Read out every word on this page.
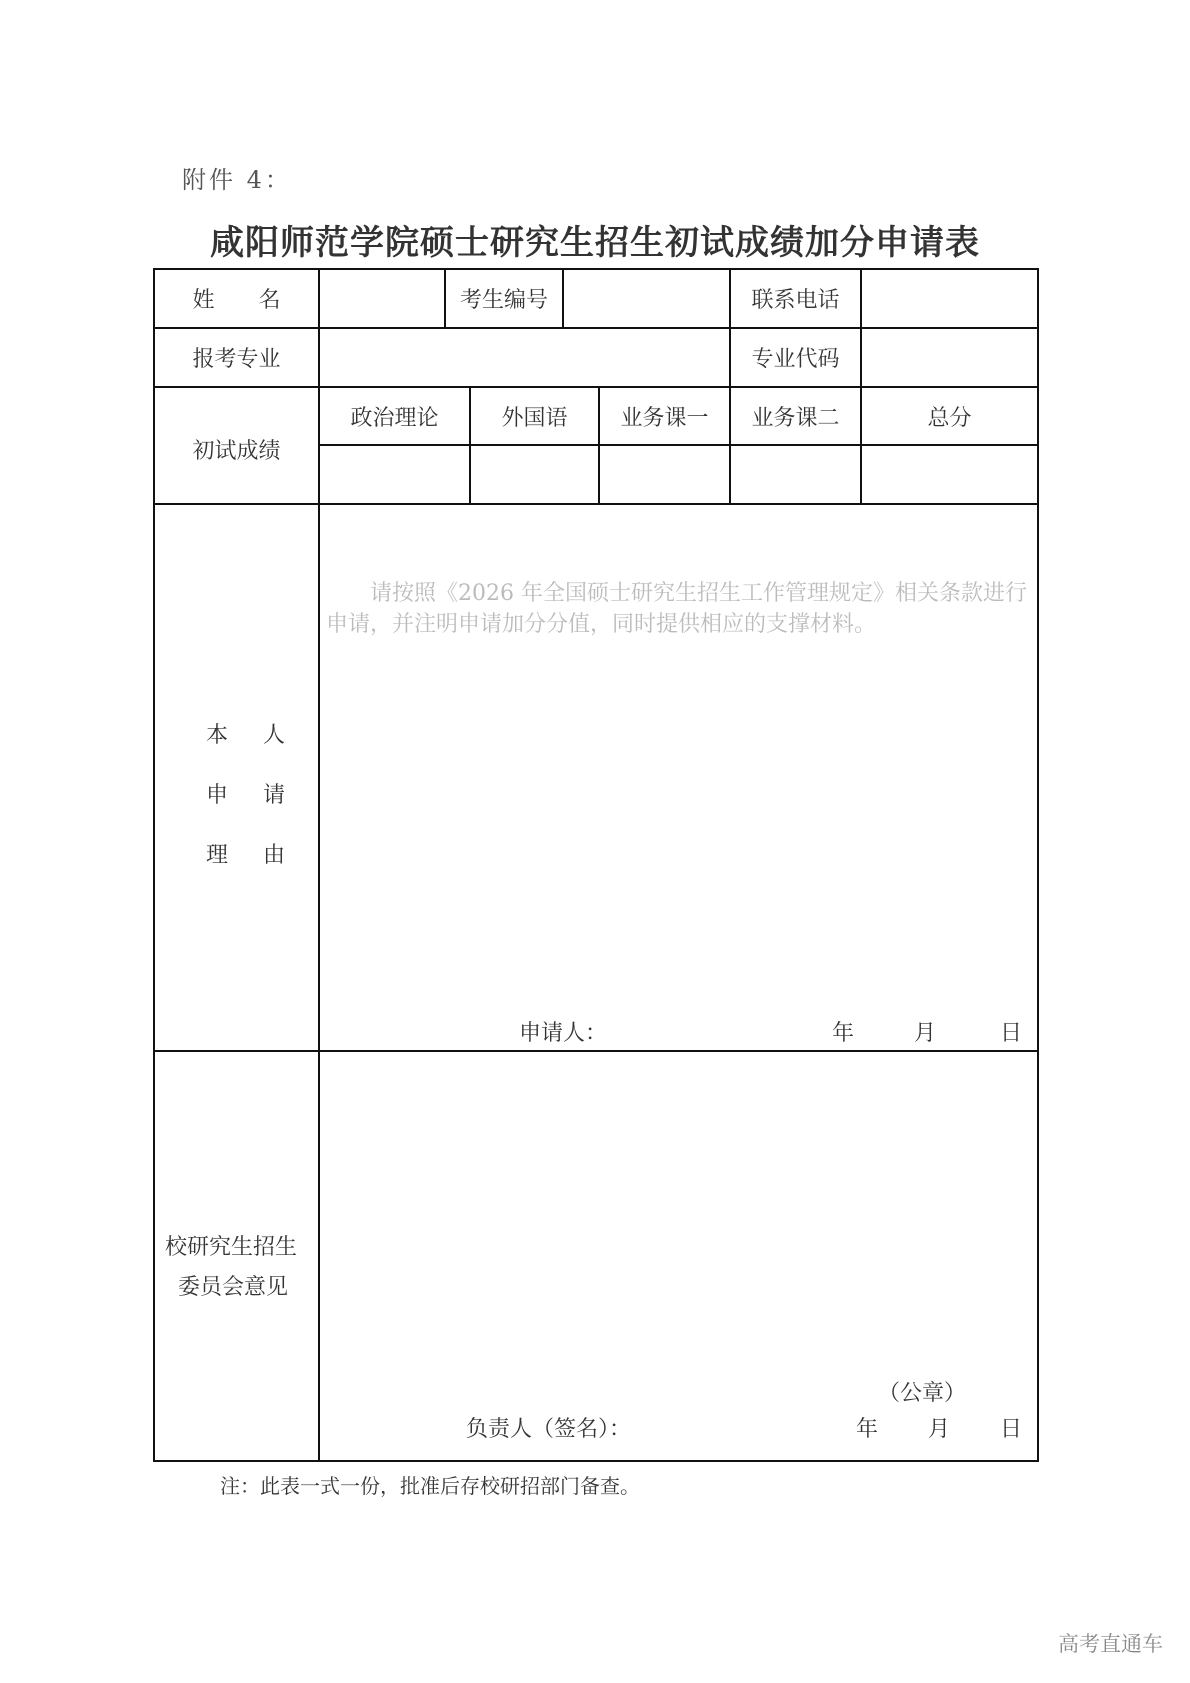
附件 4：
咸阳师范学院硕士研究生招生初试成绩加分申请表
姓　　名	考生编号	联系电话
报考专业	专业代码
初试成绩
政治理论	外国语	业务课一	业务课二	总分
本 人
申 请
理 由
　　请按照《2026 年全国硕士研究生招生工作管理规定》相关条款进行申请，并注明申请加分分值，同时提供相应的支撑材料。
申请人：	年	月	日
校研究生招生
委员会意见
（公章）
负责人（签名）：	年 月 日
注：此表一式一份，批准后存校研招部门备查。
高考直通车
